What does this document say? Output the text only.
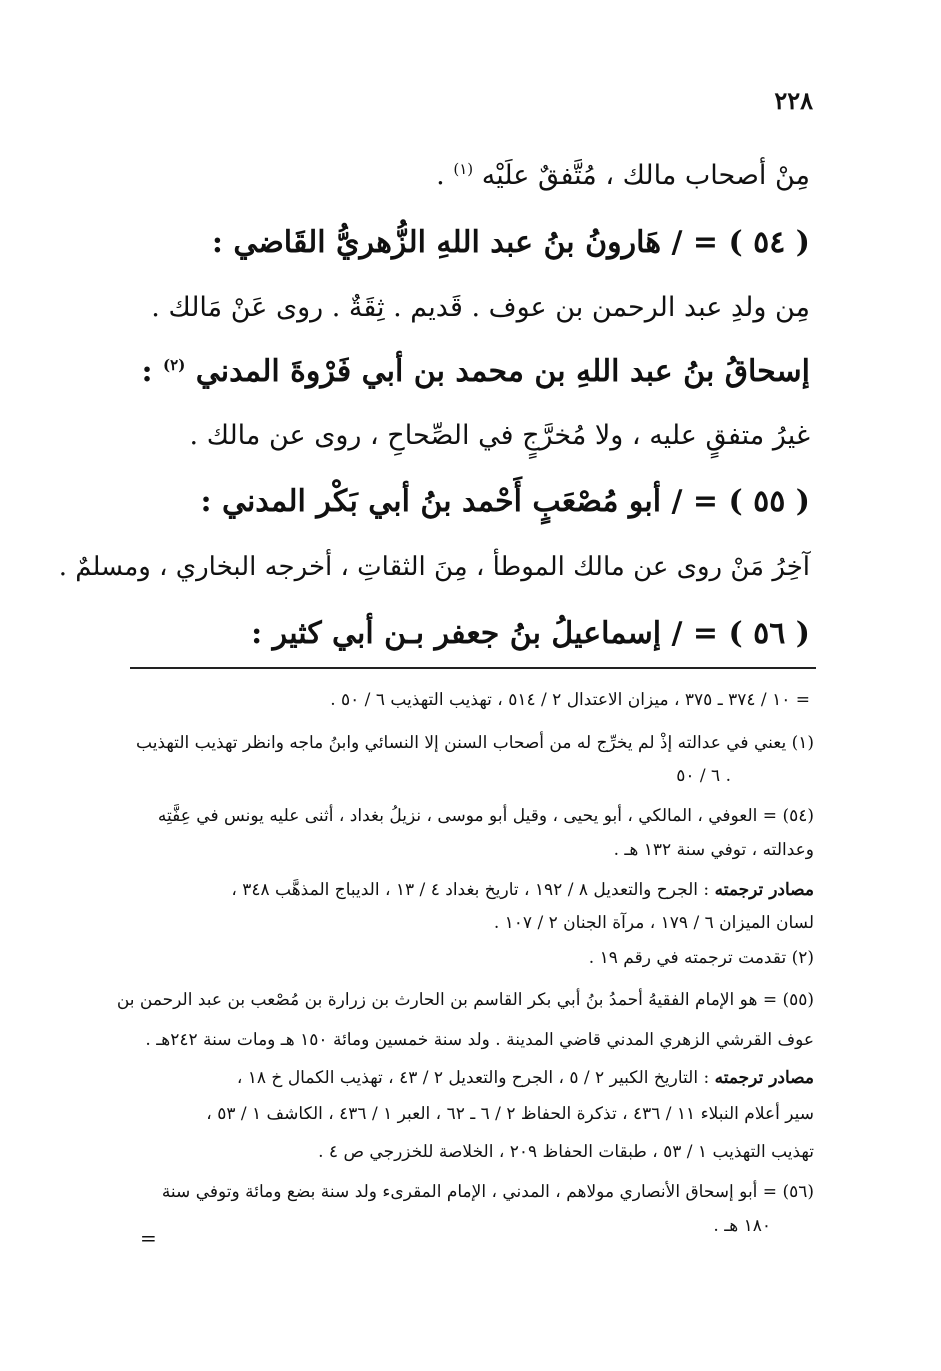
٢٢٨
مِنْ أصحاب مالك ، مُتَّفقٌ علَيْه $^{(١)}$ .
( ٥٤ ) = / هَارونُ بنُ عبد اللهِ الزُّهريُّ القَاضي :
مِن ولدِ عبد الرحمن بن عوف . قَديم . ثِقَةٌ . روى عَنْ مَالك .
إسحاقُ بنُ عبد اللهِ بن محمد بن أبي فَرْوةَ المدني $^{(٢)}$ :
غيرُ متفقٍ عليه ، ولا مُخرَّجٍ في الصِّحاحِ ، روى عن مالك .
( ٥٥ ) = / أبو مُصْعَبٍ أَحْمد بنُ أبي بَكْر المدني :
آخِرُ مَنْ روى عن مالك الموطأ ، مِنَ الثقاتِ ، أخرجه البخاري ، ومسلمٌ .
( ٥٦ ) = / إسماعيلُ بنُ جعفر بـن أبي كثير :
= ١٠ / ٣٧٤ ـ ٣٧٥ ، ميزان الاعتدال ٢ / ٥١٤ ، تهذيب التهذيب ٦ / ٥٠ .
(١) يعني في عدالته إذْ لم يخرِّج له من أصحاب السنن إلا النسائي وابنُ ماجه وانظر تهذيب التهذيب
٦ / ٥٠ .
(٥٤) = العوفي ، المالكي ، أبو يحيى ، وقيل أبو موسى ، نزيلُ بغداد ، أثنى عليه يونس في عِفَّتِه
وعدالته ، توفي سنة ١٣٢ هـ .
مصادر ترجمته : الجرح والتعديل ٨ / ١٩٢ ، تاريخ بغداد ٤ / ١٣ ، الديباج المذهَّب ٣٤٨ ،
لسان الميزان ٦ / ١٧٩ ، مرآة الجنان ٢ / ١٠٧ .
(٢) تقدمت ترجمته في رقم ١٩ .
(٥٥) = هو الإمام الفقيهُ أحمدُ بنُ أبي بكر القاسم بن الحارث بن زرارة بن مُصْعب بن عبد الرحمن بن
عوف القرشي الزهري المدني قاضي المدينة . ولد سنة خمسين ومائة ١٥٠ هـ ومات سنة ٢٤٢هـ .
مصادر ترجمته : التاريخ الكبير ٢ / ٥ ، الجرح والتعديل ٢ / ٤٣ ، تهذيب الكمال خ ١٨ ،
سير أعلام النبلاء ١١ / ٤٣٦ ، تذكرة الحفاظ ٢ / ٦ ـ ٦٢ ، العبر ١ / ٤٣٦ ، الكاشف ١ / ٥٣ ،
تهذيب التهذيب ١ / ٥٣ ، طبقات الحفاظ ٢٠٩ ، الخلاصة للخزرجي ص ٤ .
(٥٦) = أبو إسحاق الأنصاري مولاهم ، المدني ، الإمام المقرىء ولد سنة بضع ومائة وتوفي سنة
١٨٠ هـ .
=
